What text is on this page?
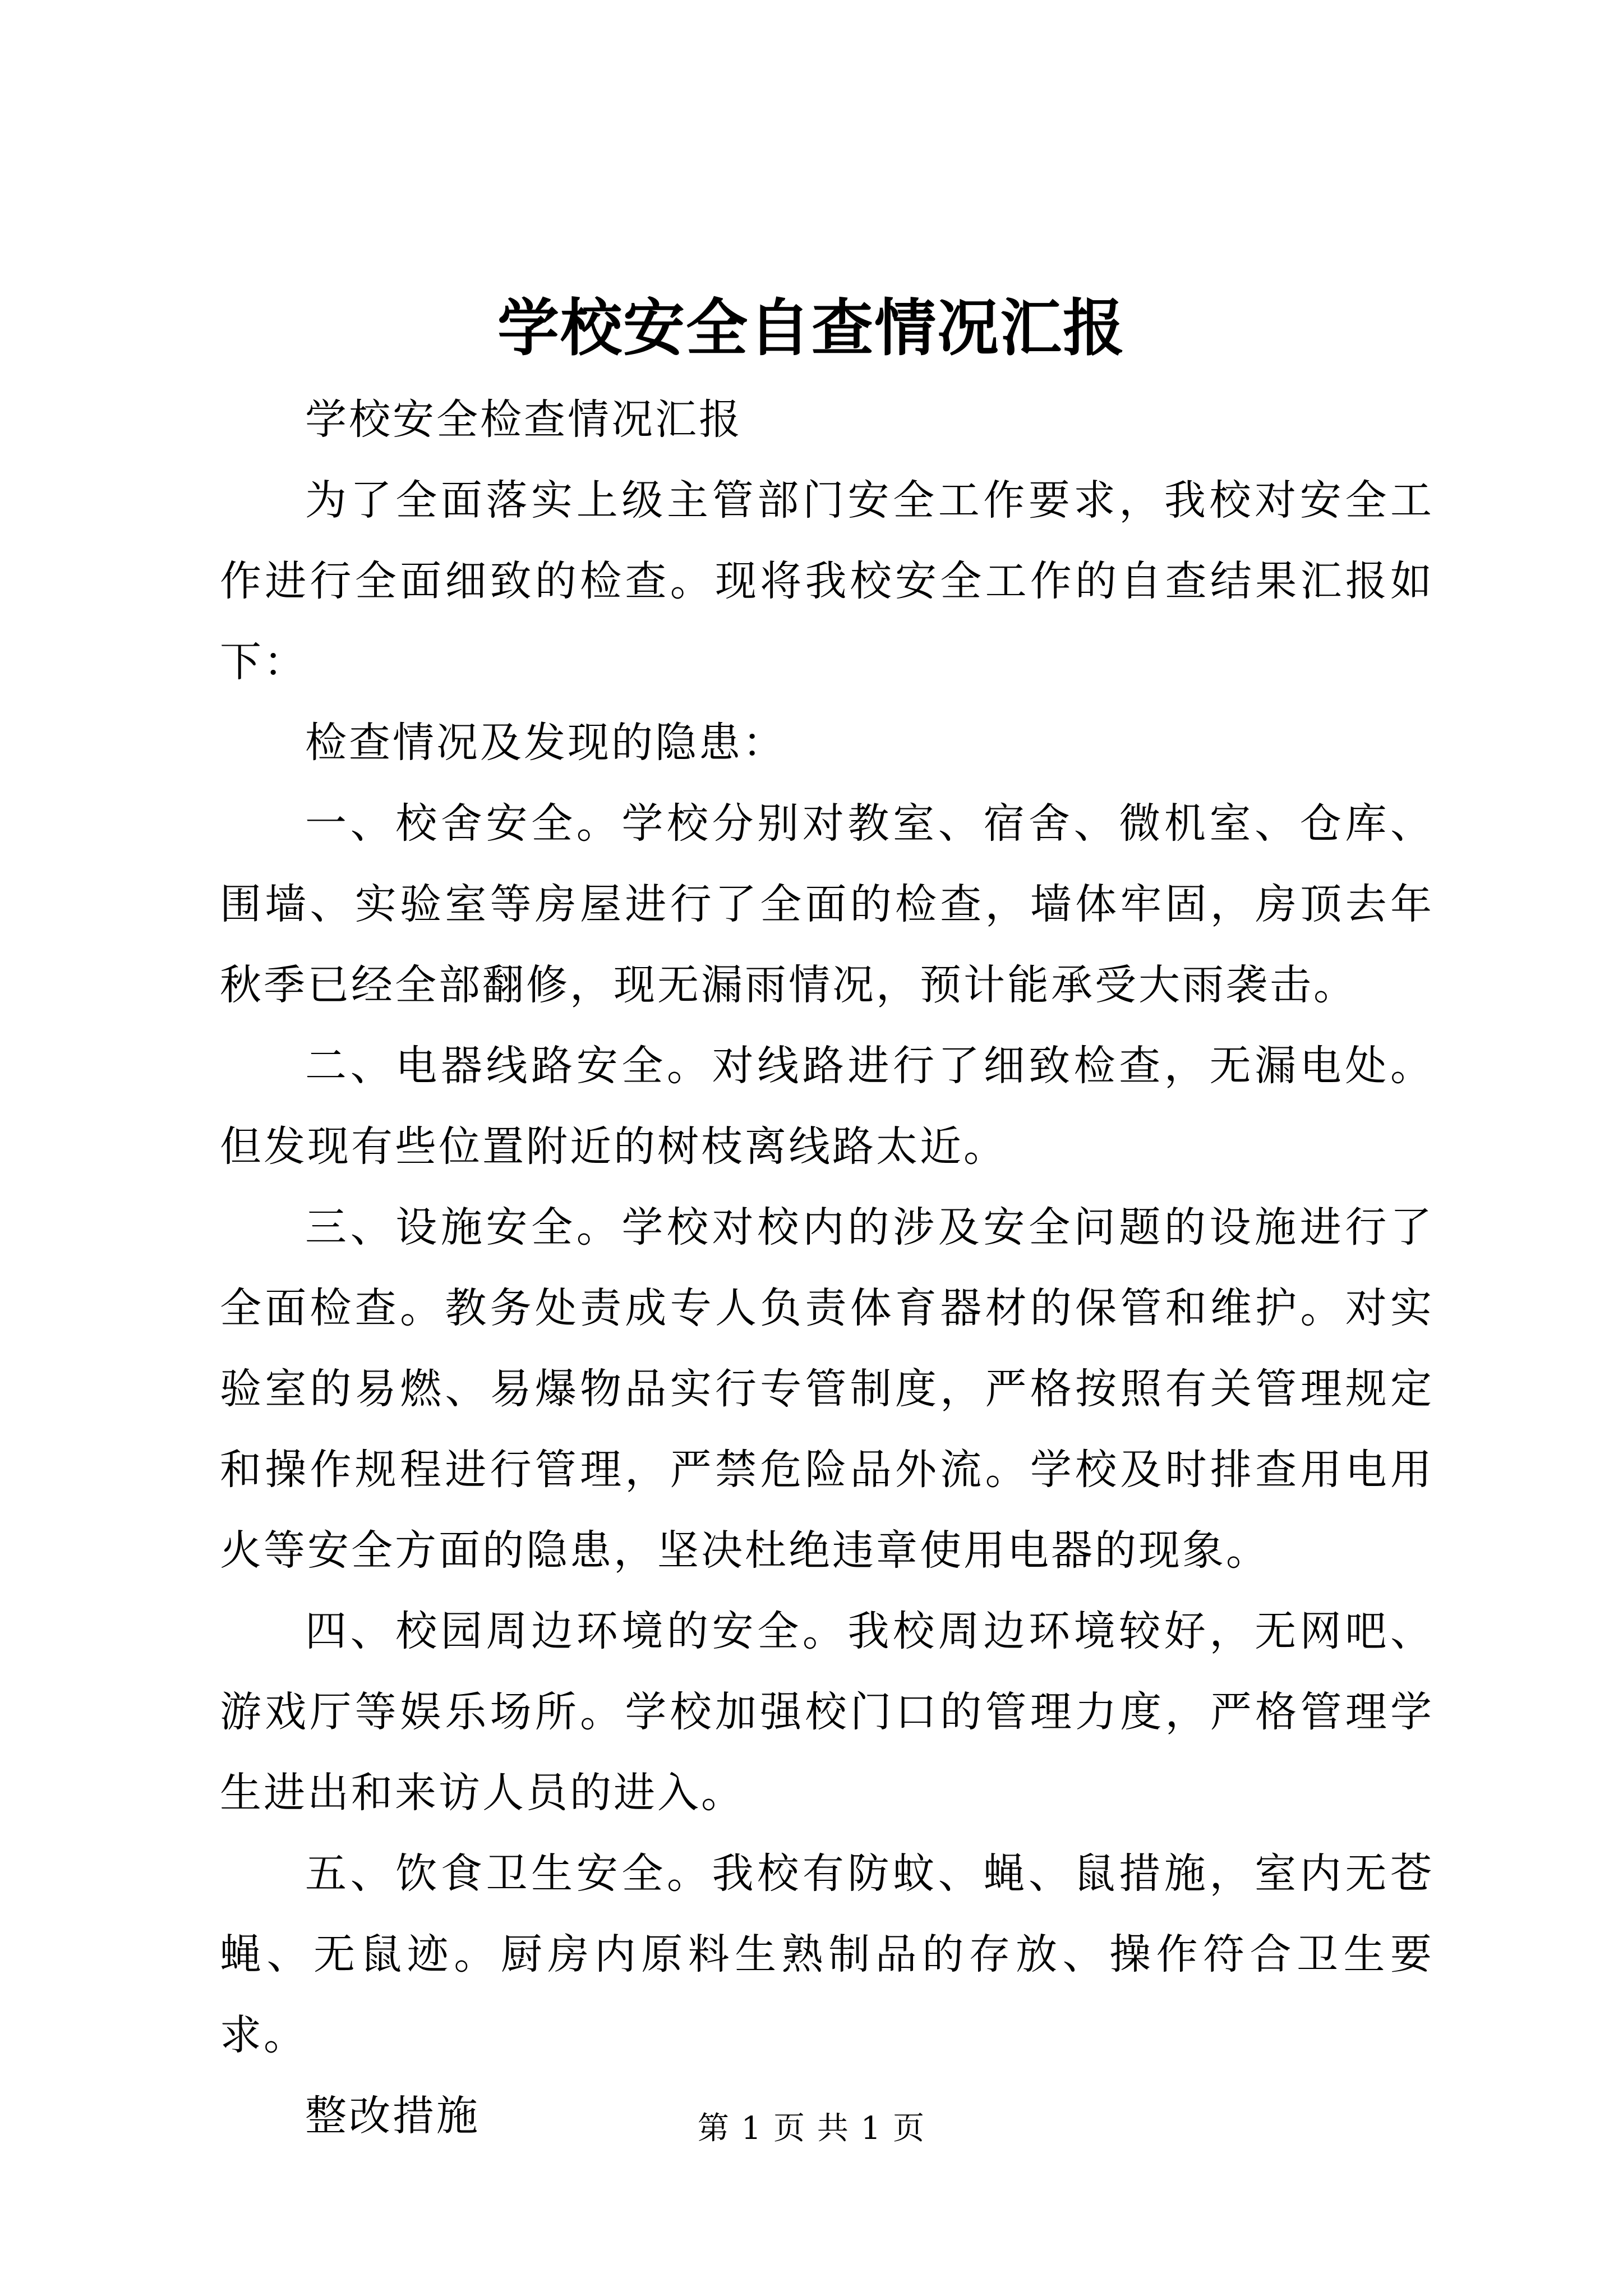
学校安全自查情况汇报

学校安全检查情况汇报

为了全面落实上级主管部门安全工作要求，我校对安全工作进行全面细致的检查。现将我校安全工作的自查结果汇报如下：

检查情况及发现的隐患：

一、校舍安全。学校分别对教室、宿舍、微机室、仓库、围墙、实验室等房屋进行了全面的检查，墙体牢固，房顶去年秋季已经全部翻修，现无漏雨情况，预计能承受大雨袭击。

二、电器线路安全。对线路进行了细致检查，无漏电处。但发现有些位置附近的树枝离线路太近。

三、设施安全。学校对校内的涉及安全问题的设施进行了全面检查。教务处责成专人负责体育器材的保管和维护。对实验室的易燃、易爆物品实行专管制度，严格按照有关管理规定和操作规程进行管理，严禁危险品外流。学校及时排查用电用火等安全方面的隐患，坚决杜绝违章使用电器的现象。

四、校园周边环境的安全。我校周边环境较好，无网吧、游戏厅等娱乐场所。学校加强校门口的管理力度，严格管理学生进出和来访人员的进入。

五、饮食卫生安全。我校有防蚊、蝇、鼠措施，室内无苍蝇、无鼠迹。厨房内原料生熟制品的存放、操作符合卫生要求。

整改措施	第 1 页 共 1 页
